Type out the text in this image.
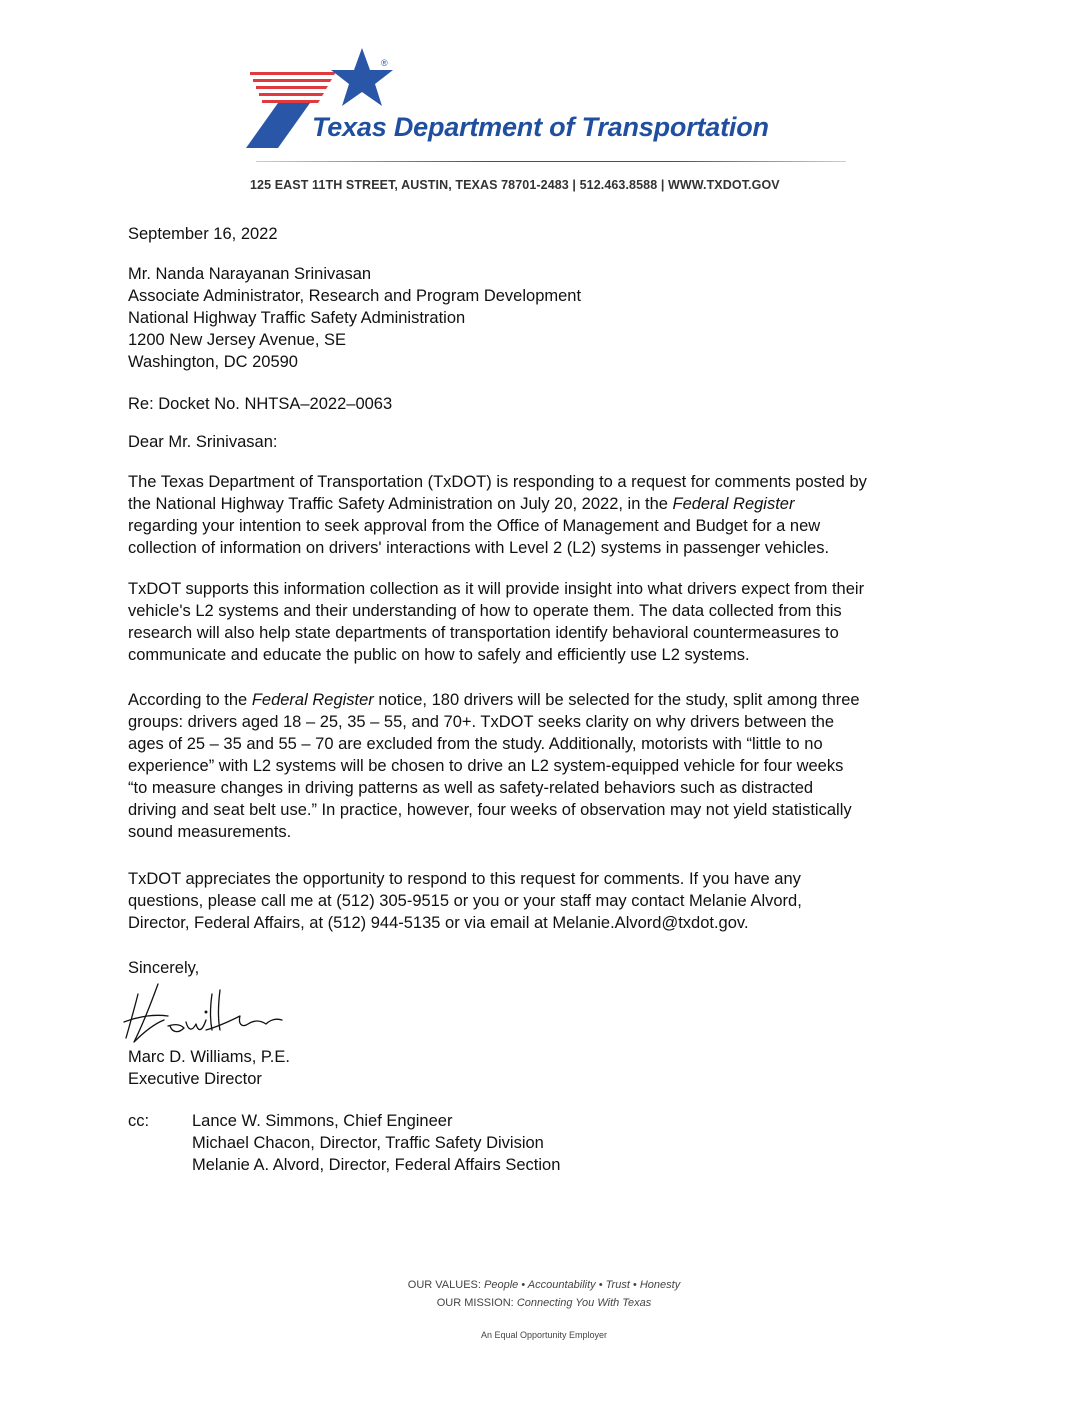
®
Texas Department of Transportation
125 EAST 11TH STREET, AUSTIN, TEXAS 78701-2483 | 512.463.8588 | WWW.TXDOT.GOV
September 16, 2022
Mr. Nanda Narayanan Srinivasan
Associate Administrator, Research and Program Development
National Highway Traffic Safety Administration
1200 New Jersey Avenue, SE
Washington, DC 20590
Re: Docket No. NHTSA–2022–0063
Dear Mr. Srinivasan:
The Texas Department of Transportation (TxDOT) is responding to a request for comments posted by
the National Highway Traffic Safety Administration on July 20, 2022, in the Federal Register
regarding your intention to seek approval from the Office of Management and Budget for a new
collection of information on drivers' interactions with Level 2 (L2) systems in passenger vehicles.
TxDOT supports this information collection as it will provide insight into what drivers expect from their
vehicle's L2 systems and their understanding of how to operate them. The data collected from this
research will also help state departments of transportation identify behavioral countermeasures to
communicate and educate the public on how to safely and efficiently use L2 systems.
According to the Federal Register notice, 180 drivers will be selected for the study, split among three
groups: drivers aged 18 – 25, 35 – 55, and 70+. TxDOT seeks clarity on why drivers between the
ages of 25 – 35 and 55 – 70 are excluded from the study. Additionally, motorists with “little to no
experience” with L2 systems will be chosen to drive an L2 system-equipped vehicle for four weeks
“to measure changes in driving patterns as well as safety-related behaviors such as distracted
driving and seat belt use.” In practice, however, four weeks of observation may not yield statistically
sound measurements.
TxDOT appreciates the opportunity to respond to this request for comments. If you have any
questions, please call me at (512) 305-9515 or you or your staff may contact Melanie Alvord,
Director, Federal Affairs, at (512) 944-5135 or via email at Melanie.Alvord@txdot.gov.
Sincerely,
Marc D. Williams, P.E.
Executive Director
cc:	Lance W. Simmons, Chief Engineer
Michael Chacon, Director, Traffic Safety Division
Melanie A. Alvord, Director, Federal Affairs Section
OUR VALUES: People • Accountability • Trust • Honesty
OUR MISSION: Connecting You With Texas
An Equal Opportunity Employer
